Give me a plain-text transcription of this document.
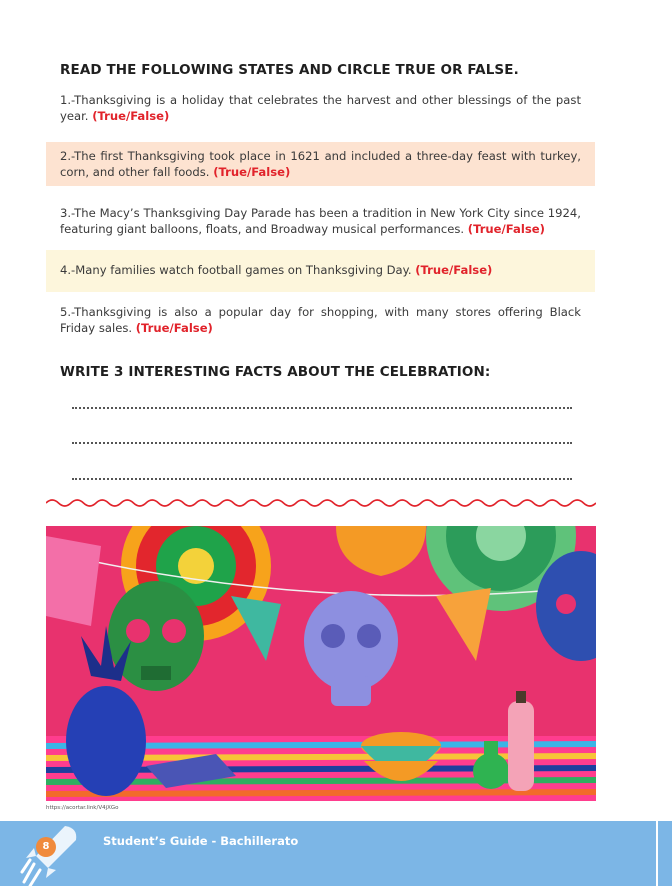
READ THE FOLLOWING STATES AND CIRCLE TRUE OR FALSE.
1.-Thanksgiving is a holiday that celebrates the harvest and other blessings of the past year. (True/False)
2.-The first Thanksgiving took place in 1621 and included a three-day feast with turkey, corn, and other fall foods. (True/False)
3.-The Macy’s Thanksgiving Day Parade has been a tradition in New York City since 1924, featuring giant balloons, floats, and Broadway musical performances. (True/False)
4.-Many families watch football games on Thanksgiving Day. (True/False)
5.-Thanksgiving is also a popular day for shopping, with many stores offering Black Friday sales. (True/False)
WRITE 3 INTERESTING FACTS ABOUT THE CELEBRATION:
https://acortar.link/V4jXGo
8	Student’s Guide - Bachillerato
